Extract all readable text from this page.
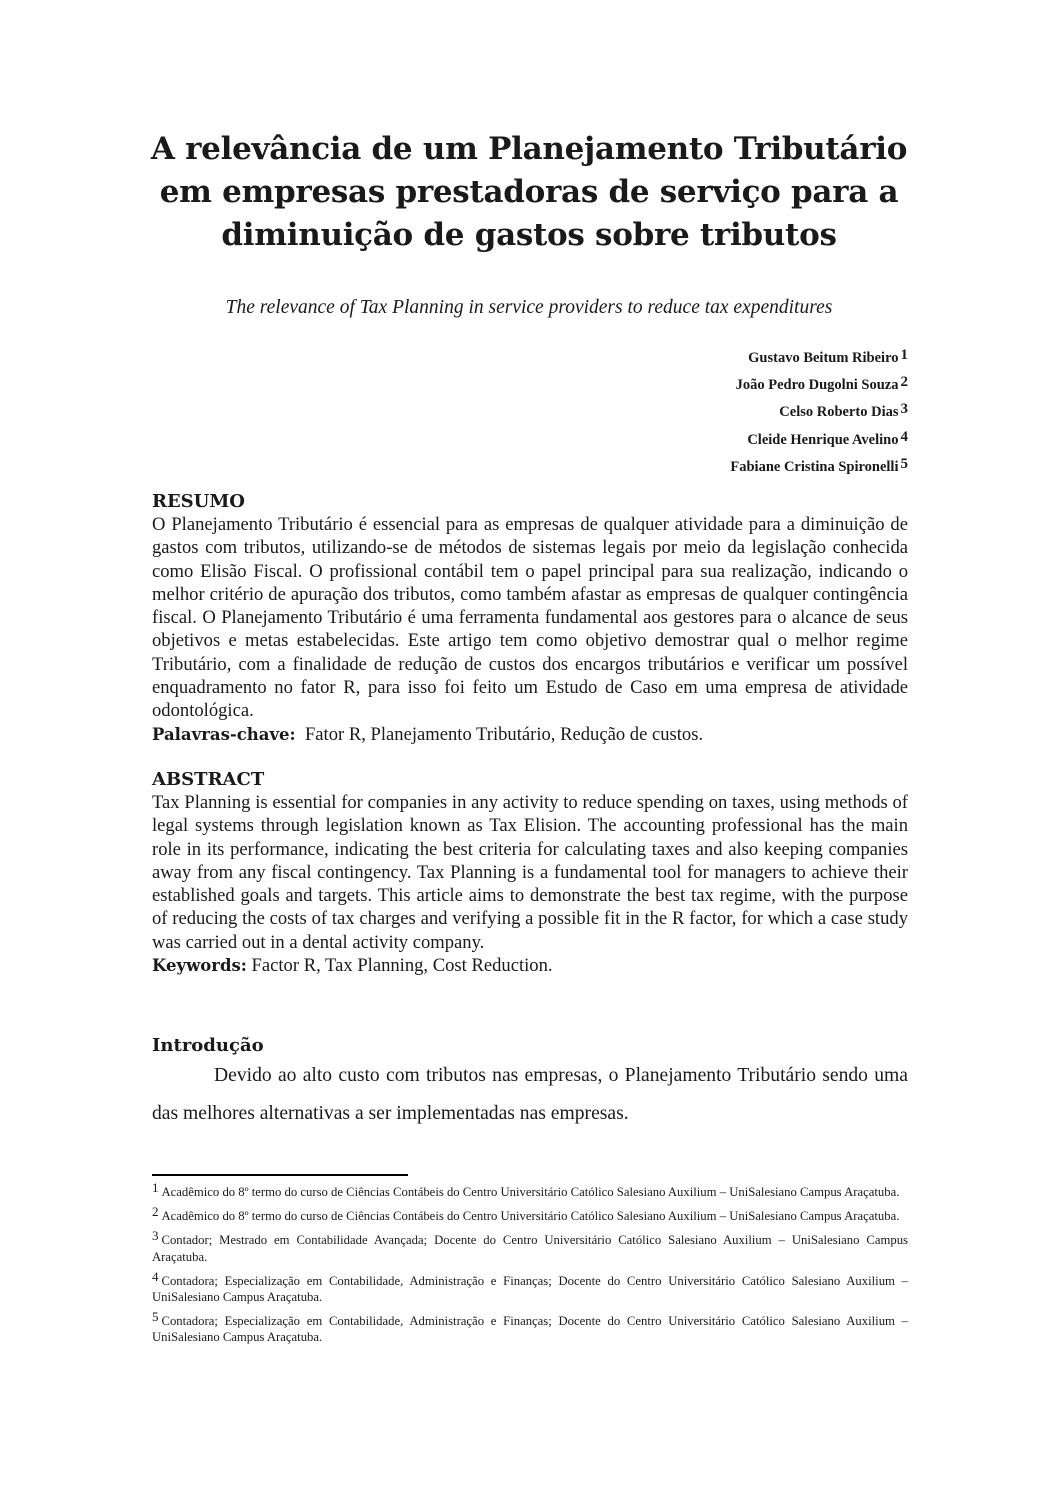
A relevância de um Planejamento Tributário em empresas prestadoras de serviço para a diminuição de gastos sobre tributos
The relevance of Tax Planning in service providers to reduce tax expenditures
Gustavo Beitum Ribeiro $^1$
João Pedro Dugolni Souza $^2$
Celso Roberto Dias $^3$
Cleide Henrique Avelino $^4$
Fabiane Cristina Spironelli $^5$
RESUMO

O Planejamento Tributário é essencial para as empresas de qualquer atividade para a diminuição de gastos com tributos, utilizando-se de métodos de sistemas legais por meio da legislação conhecida como Elisão Fiscal. O profissional contábil tem o papel principal para sua realização, indicando o melhor critério de apuração dos tributos, como também afastar as empresas de qualquer contingência fiscal. O Planejamento Tributário é uma ferramenta fundamental aos gestores para o alcance de seus objetivos e metas estabelecidas. Este artigo tem como objetivo demostrar qual o melhor regime Tributário, com a finalidade de redução de custos dos encargos tributários e verificar um possível enquadramento no fator R, para isso foi feito um Estudo de Caso em uma empresa de atividade odontológica.

Palavras-chave: Fator R, Planejamento Tributário, Redução de custos.

ABSTRACT

Tax Planning is essential for companies in any activity to reduce spending on taxes, using methods of legal systems through legislation known as Tax Elision. The accounting professional has the main role in its performance, indicating the best criteria for calculating taxes and also keeping companies away from any fiscal contingency. Tax Planning is a fundamental tool for managers to achieve their established goals and targets. This article aims to demonstrate the best tax regime, with the purpose of reducing the costs of tax charges and verifying a possible fit in the R factor, for which a case study was carried out in a dental activity company.

Keywords: Factor R, Tax Planning, Cost Reduction.

Introdução

Devido ao alto custo com tributos nas empresas, o Planejamento Tributário sendo uma das melhores alternativas a ser implementadas nas empresas.

$^1$ Acadêmico do 8º termo do curso de Ciências Contábeis do Centro Universitário Católico Salesiano Auxilium – UniSalesiano Campus Araçatuba.

$^2$ Acadêmico do 8º termo do curso de Ciências Contábeis do Centro Universitário Católico Salesiano Auxilium – UniSalesiano Campus Araçatuba.

$^3$ Contador; Mestrado em Contabilidade Avançada; Docente do Centro Universitário Católico Salesiano Auxilium – UniSalesiano Campus Araçatuba.

$^4$ Contadora; Especialização em Contabilidade, Administração e Finanças; Docente do Centro Universitário Católico Salesiano Auxilium – UniSalesiano Campus Araçatuba.

$^5$ Contadora; Especialização em Contabilidade, Administração e Finanças; Docente do Centro Universitário Católico Salesiano Auxilium – UniSalesiano Campus Araçatuba.
